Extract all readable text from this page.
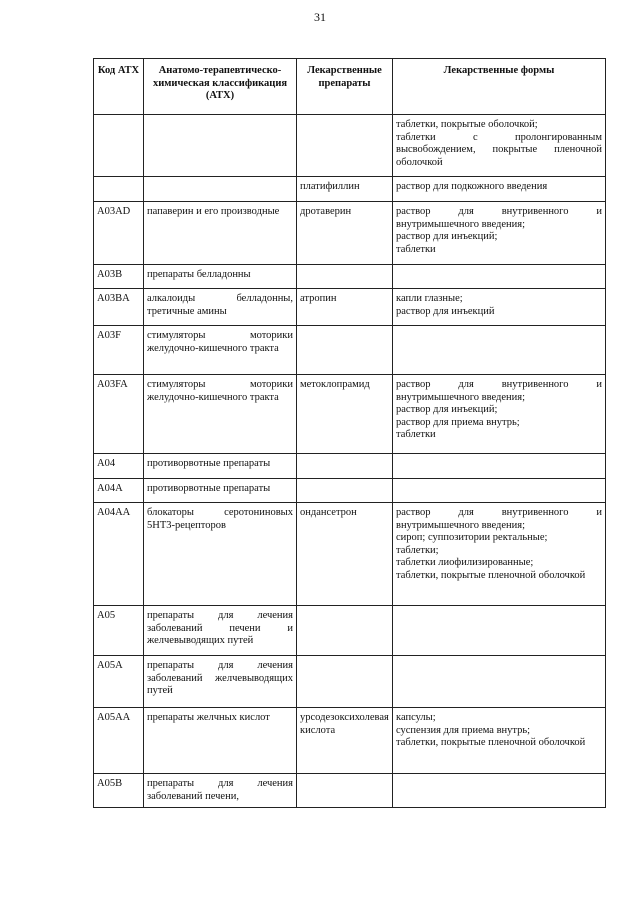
31
Код АТХ	Анатомо-терапевтическо-химическая классификация (АТХ)	Лекарственные препараты	Лекарственные формы
			таблетки, покрытые оболочкой;
таблетки с пролонгированным высвобождением, покрытые пленочной оболочкой
		платифиллин	раствор для подкожного введения
A03AD	папаверин и его производные	дротаверин	раствор для внутривенного и внутримышечного введения;
раствор для инъекций;
таблетки
A03B	препараты белладонны		
A03BA	алкалоиды белладонны, третичные амины	атропин	капли глазные;
раствор для инъекций
A03F	стимуляторы моторики желудочно-кишечного тракта		
A03FA	стимуляторы моторики желудочно-кишечного тракта	метоклопрамид	раствор для внутривенного и внутримышечного введения;
раствор для инъекций;
раствор для приема внутрь;
таблетки
A04	противорвотные препараты		
A04A	противорвотные препараты		
A04AA	блокаторы серотониновых 5HT3-рецепторов	ондансетрон	раствор для внутривенного и внутримышечного введения;
сироп; суппозитории ректальные;
таблетки;
таблетки лиофилизированные;
таблетки, покрытые пленочной оболочкой
A05	препараты для лечения заболеваний печени и желчевыводящих путей		
A05A	препараты для лечения заболеваний желчевыводящих путей		
A05AA	препараты желчных кислот	урсодезоксихолевая кислота	капсулы;
суспензия для приема внутрь;
таблетки, покрытые пленочной оболочкой
A05B	препараты для лечения заболеваний печени,		
